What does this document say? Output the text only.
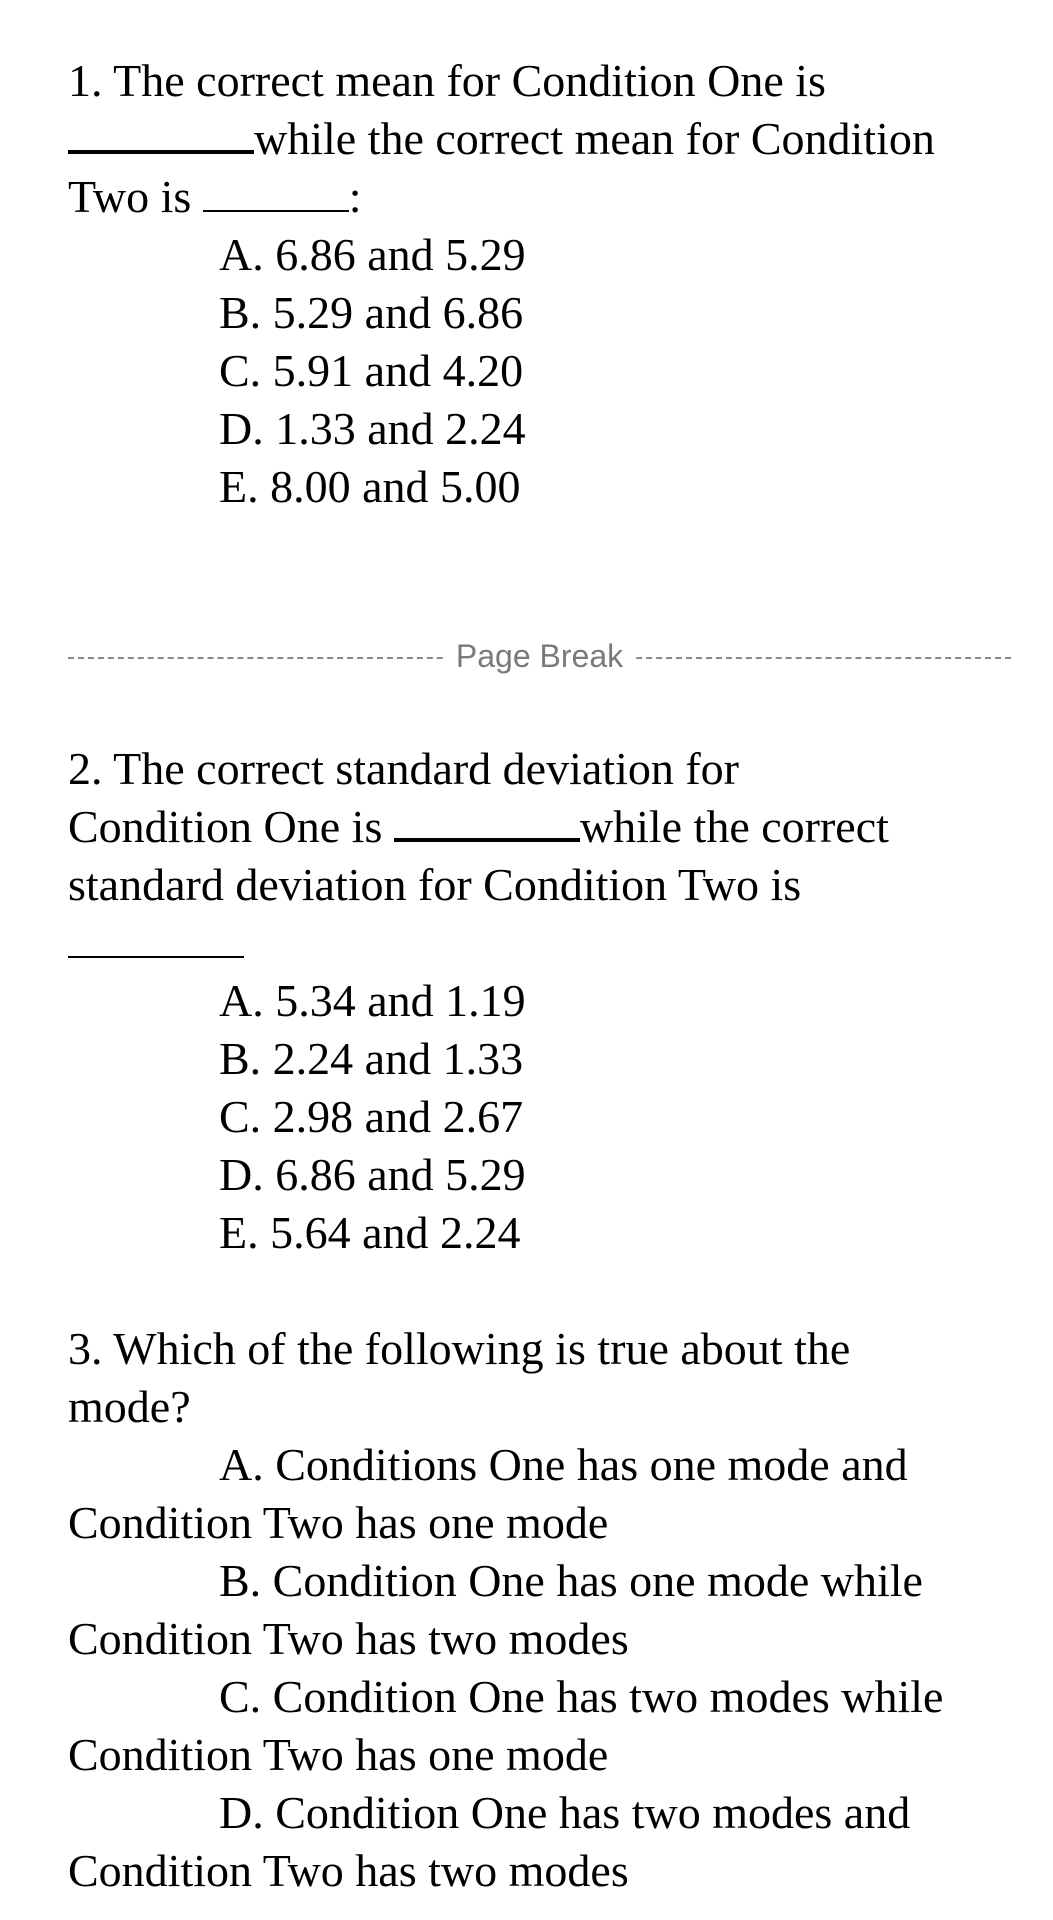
1. The correct mean for Condition One is
while the correct mean for Condition
Two is	:
A. 6.86 and 5.29
B. 5.29 and 6.86
C. 5.91 and 4.20
D. 1.33 and 2.24
E. 8.00 and 5.00
Page Break
2. The correct standard deviation for
Condition One is	while the correct
standard deviation for Condition Two is
A. 5.34 and 1.19
B. 2.24 and 1.33
C. 2.98 and 2.67
D. 6.86 and 5.29
E. 5.64 and 2.24
3. Which of the following is true about the
mode?
A. Conditions One has one mode and
Condition Two has one mode
B. Condition One has one mode while
Condition Two has two modes
C. Condition One has two modes while
Condition Two has one mode
D. Condition One has two modes and
Condition Two has two modes
